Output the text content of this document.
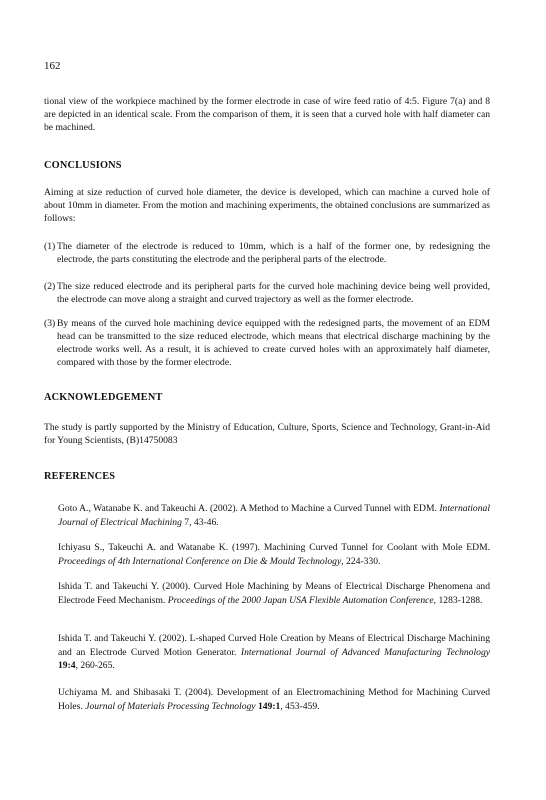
162
tional view of the workpiece machined by the former electrode in case of wire feed ratio of 4:5. Figure 7(a) and 8 are depicted in an identical scale. From the comparison of them, it is seen that a curved hole with half diameter can be machined.
CONCLUSIONS
Aiming at size reduction of curved hole diameter, the device is developed, which can machine a curved hole of about 10mm in diameter. From the motion and machining experiments, the obtained conclusions are summarized as follows:
(1) The diameter of the electrode is reduced to 10mm, which is a half of the former one, by redesigning the electrode, the parts constituting the electrode and the peripheral parts of the electrode.
(2) The size reduced electrode and its peripheral parts for the curved hole machining device being well provided, the electrode can move along a straight and curved trajectory as well as the former electrode.
(3) By means of the curved hole machining device equipped with the redesigned parts, the movement of an EDM head can be transmitted to the size reduced electrode, which means that electrical discharge machining by the electrode works well. As a result, it is achieved to create curved holes with an approximately half diameter, compared with those by the former electrode.
ACKNOWLEDGEMENT
The study is partly supported by the Ministry of Education, Culture, Sports, Science and Technology, Grant-in-Aid for Young Scientists, (B)14750083
REFERENCES
Goto A., Watanabe K. and Takeuchi A. (2002). A Method to Machine a Curved Tunnel with EDM. International Journal of Electrical Machining 7, 43-46.
Ichiyasu S., Takeuchi A. and Watanabe K. (1997). Machining Curved Tunnel for Coolant with Mole EDM. Proceedings of 4th International Conference on Die & Mould Technology, 224-330.
Ishida T. and Takeuchi Y. (2000). Curved Hole Machining by Means of Electrical Discharge Phenomena and Electrode Feed Mechanism. Proceedings of the 2000 Japan USA Flexible Automation Conference, 1283-1288.
Ishida T. and Takeuchi Y. (2002). L-shaped Curved Hole Creation by Means of Electrical Discharge Machining and an Electrode Curved Motion Generator. International Journal of Advanced Manufacturing Technology 19:4, 260-265.
Uchiyama M. and Shibasaki T. (2004). Development of an Electromachining Method for Machining Curved Holes. Journal of Materials Processing Technology 149:1, 453-459.
